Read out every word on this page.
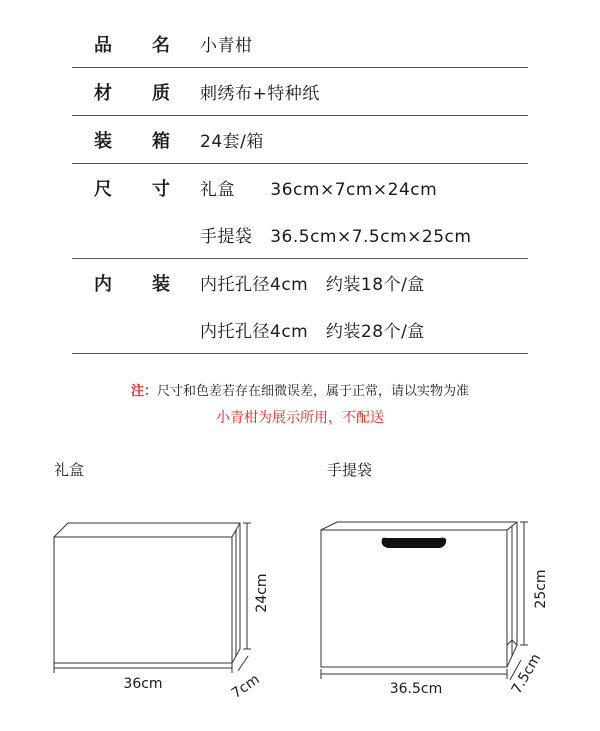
品 名 小青柑
材 质 刺绣布+特种纸
装 箱 24套/箱
尺 寸 礼盒      36cm×7cm×24cm
手提袋   36.5cm×7.5cm×25cm
内 装 内托孔径4cm   约装18个/盒
内托孔径4cm   约装28个/盒
注：尺寸和色差若存在细微误差，属于正常，请以实物为准
小青柑为展示所用，不配送
礼盒	手提袋
36cm
24cm
7cm	36.5cm
25cm
7.5cm
